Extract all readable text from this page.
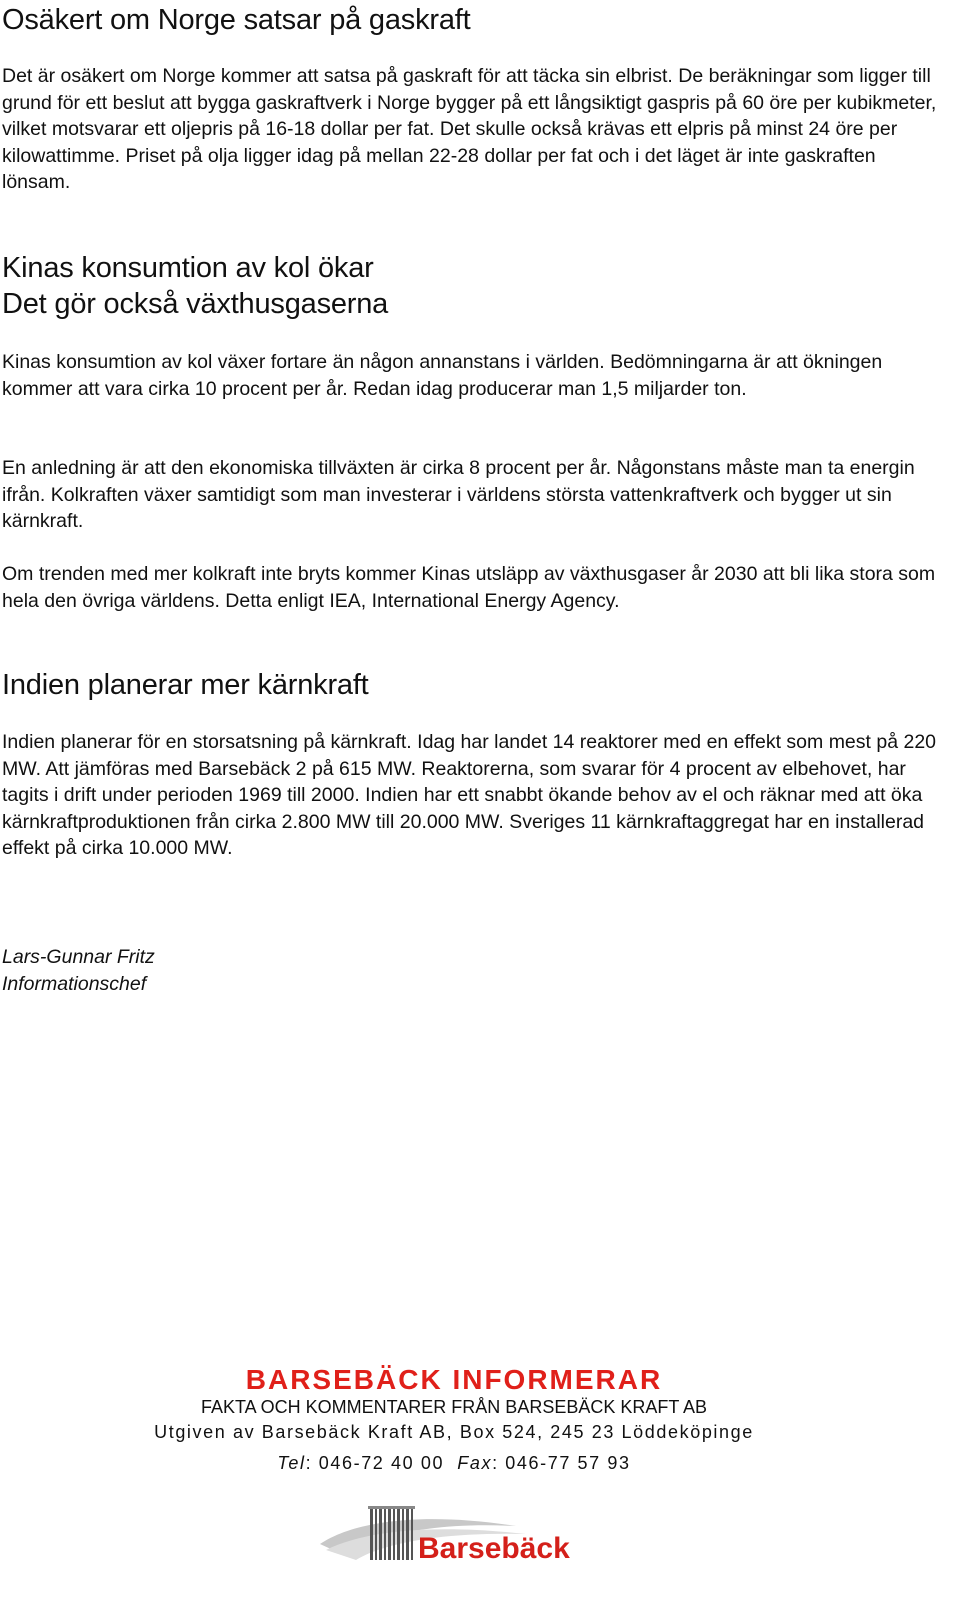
Osäkert om Norge satsar på gaskraft

Det är osäkert om Norge kommer att satsa på gaskraft för att täcka sin elbrist. De beräkningar som ligger till grund för ett beslut att bygga gaskraftverk i Norge bygger på ett långsiktigt gaspris på 60 öre per kubikmeter, vilket motsvarar ett oljepris på 16-18 dollar per fat. Det skulle också krävas ett elpris på minst 24 öre per kilowattimme. Priset på olja ligger idag på mellan 22-28 dollar per fat och i det läget är inte gaskraften lönsam.

Kinas konsumtion av kol ökar
Det gör också växthusgaserna

Kinas konsumtion av kol växer fortare än någon annanstans i världen. Bedömningarna är att ökningen kommer att vara cirka 10 procent per år. Redan idag producerar man 1,5 miljarder ton.

En anledning är att den ekonomiska tillväxten är cirka 8 procent per år. Någonstans måste man ta energin ifrån. Kolkraften växer samtidigt som man investerar i världens största vattenkraftverk och bygger ut sin kärnkraft.

Om trenden med mer kolkraft inte bryts kommer Kinas utsläpp av växthusgaser år 2030 att bli lika stora som hela den övriga världens. Detta enligt IEA, International Energy Agency.

Indien planerar mer kärnkraft

Indien planerar för en storsatsning på kärnkraft. Idag har landet 14 reaktorer med en effekt som mest på 220 MW. Att jämföras med Barsebäck 2 på 615 MW. Reaktorerna, som svarar för 4 procent av elbehovet, har tagits i drift under perioden 1969 till 2000. Indien har ett snabbt ökande behov av el och räknar med att öka kärnkraftproduktionen från cirka 2.800 MW till 20.000 MW. Sveriges 11 kärnkraftaggregat har en installerad effekt på cirka 10.000 MW.

Lars-Gunnar Fritz
Informationschef
BARSEBÄCK INFORMERAR
FAKTA OCH KOMMENTARER FRÅN BARSEBÄCK KRAFT AB
Utgiven av Barsebäck Kraft AB, Box 524, 245 23 Löddeköpinge
Tel: 046-72 40 00 Fax: 046-77 57 93
Barsebäck
